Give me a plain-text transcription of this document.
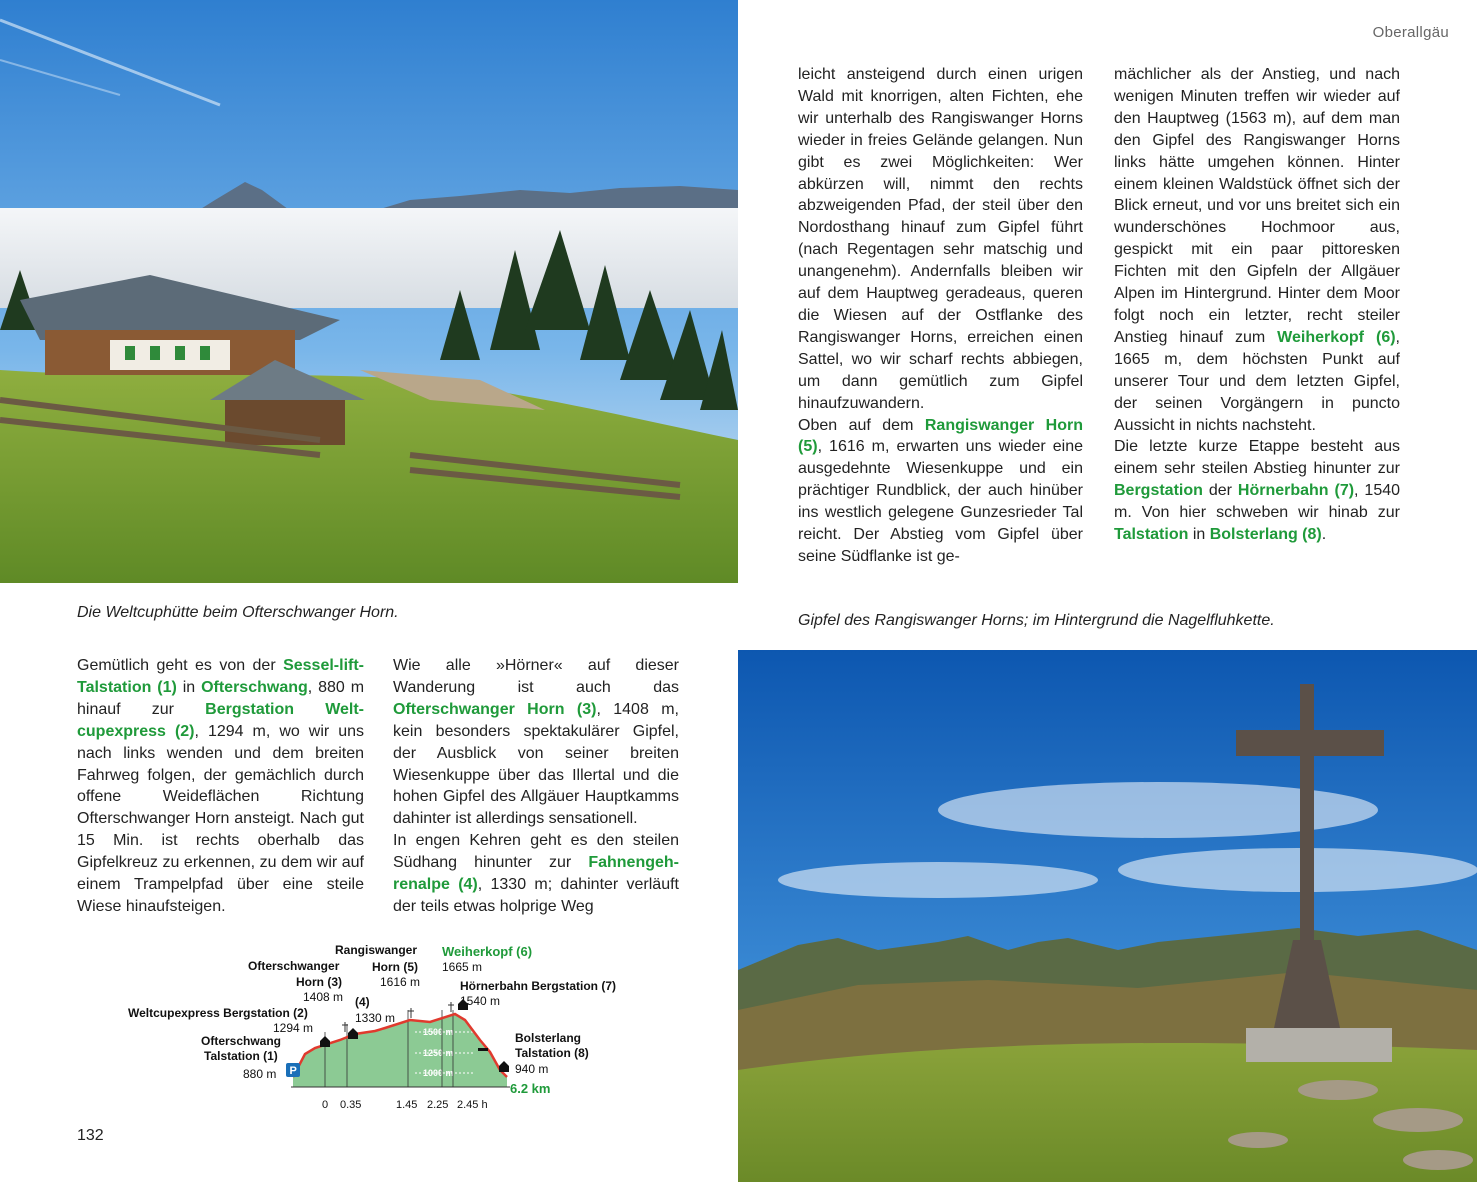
Oberallgäu
Die Weltcuphütte beim Ofterschwanger Horn.	Gipfel des Rangiswanger Horns; im Hintergrund die Nagelfluhkette.

leicht ansteigend durch einen urigen Wald mit knorrigen, alten Fichten, ehe wir unterhalb des Rangiswanger Horns wieder in freies Gelände gelangen. Nun gibt es zwei Möglichkeiten: Wer abkürzen will, nimmt den rechts abzweigenden Pfad, der steil über den Nordosthang hinauf zum Gipfel führt (nach Regentagen sehr matschig und unangenehm). Andernfalls bleiben wir auf dem Hauptweg geradeaus, queren die Wiesen auf der Ostflanke des Rangiswanger Horns, erreichen einen Sattel, wo wir scharf rechts abbiegen, um dann gemütlich zum Gipfel hinaufzuwandern.

Oben auf dem Rangiswanger Horn (5), 1616 m, erwarten uns wieder eine ausgedehnte Wiesenkuppe und ein prächtiger Rundblick, der auch hinüber ins westlich gelegene Gunzesrieder Tal reicht. Der Abstieg vom Gipfel über seine Südflanke ist ge-

mächlicher als der Anstieg, und nach wenigen Minuten treffen wir wieder auf den Hauptweg (1563 m), auf dem man den Gipfel des Rangiswanger Horns links hätte umgehen können. Hinter einem kleinen Waldstück öffnet sich der Blick erneut, und vor uns breitet sich ein wunderschönes Hochmoor aus, gespickt mit ein paar pittoresken Fichten mit den Gipfeln der Allgäuer Alpen im Hintergrund. Hinter dem Moor folgt noch ein letzter, recht steiler Anstieg hinauf zum Weiherkopf (6), 1665 m, dem höchsten Punkt auf unserer Tour und dem letzten Gipfel, der seinen Vorgängern in puncto Aussicht in nichts nachsteht.

Die letzte kurze Etappe besteht aus einem sehr steilen Abstieg hinunter zur Bergstation der Hörnerbahn (7), 1540 m. Von hier schweben wir hinab zur Talstation in Bolsterlang (8).

Gemütlich geht es von der Sessel-lift-Talstation (1) in Ofterschwang, 880 m hinauf zur Bergstation Welt-cupexpress (2), 1294 m, wo wir uns nach links wenden und dem breiten Fahrweg folgen, der gemächlich durch offene Weideflächen Richtung Ofterschwanger Horn ansteigt. Nach gut 15 Min. ist rechts oberhalb das Gipfelkreuz zu erkennen, zu dem wir auf einem Trampelpfad über eine steile Wiese hinaufsteigen.

Wie alle »Hörner« auf dieser Wanderung ist auch das Ofterschwanger Horn (3), 1408 m, kein besonders spektakulärer Gipfel, der Ausblick von seiner breiten Wiesenkuppe über das Illertal und die hohen Gipfel des Allgäuer Hauptkamms dahinter ist allerdings sensationell.

In engen Kehren geht es den steilen Südhang hinunter zur Fahnengeh-renalpe (4), 1330 m; dahinter verläuft der teils etwas holprige Weg

1500 m
1250 m
1000 m
P
Rangiswanger
Horn (5)
1616 m
Weiherkopf (6)
1665 m
Ofterschwanger
Horn (3)
1408 m (4)
1330 m
Hörnerbahn Bergstation (7)
1540 m
Weltcupexpress Bergstation (2)
1294 m
Ofterschwang
Talstation (1)
880 m
Bolsterlang
Talstation (8)
940 m
6.2 km
0 0.35	1.45 2.25 2.45 h
132
